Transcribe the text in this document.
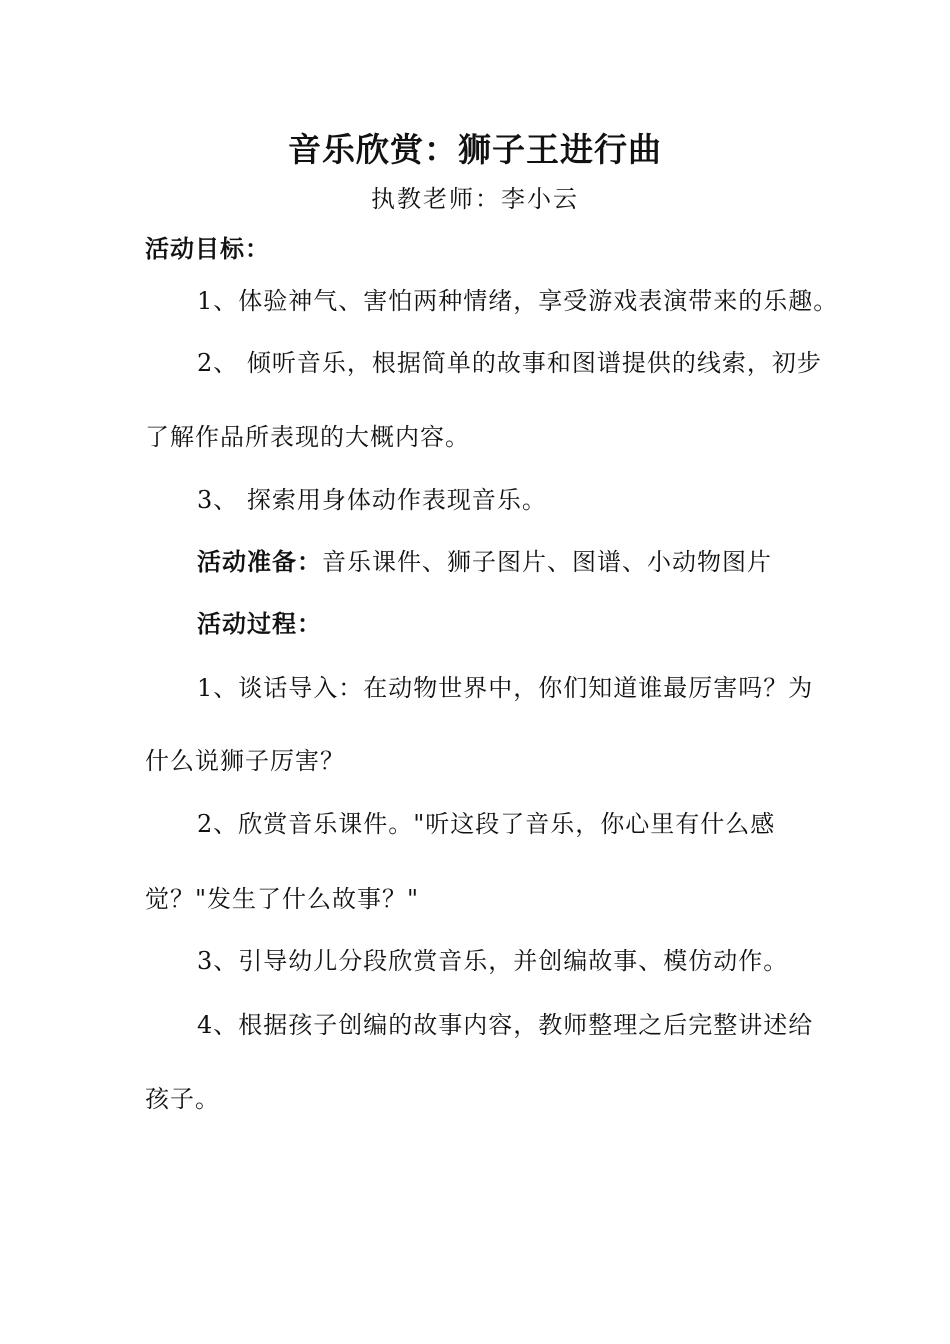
音乐欣赏：狮子王进行曲
执教老师：李小云
活动目标：
1、体验神气、害怕两种情绪，享受游戏表演带来的乐趣。
2、 倾听音乐，根据简单的故事和图谱提供的线索，初步
了解作品所表现的大概内容。
3、 探索用身体动作表现音乐。
活动准备：音乐课件、狮子图片、图谱、小动物图片
活动过程：
1、谈话导入：在动物世界中，你们知道谁最厉害吗？为
什么说狮子厉害？
2、欣赏音乐课件。"听这段了音乐，你心里有什么感
觉？"发生了什么故事？"
3、引导幼儿分段欣赏音乐，并创编故事、模仿动作。
4、根据孩子创编的故事内容，教师整理之后完整讲述给
孩子。
